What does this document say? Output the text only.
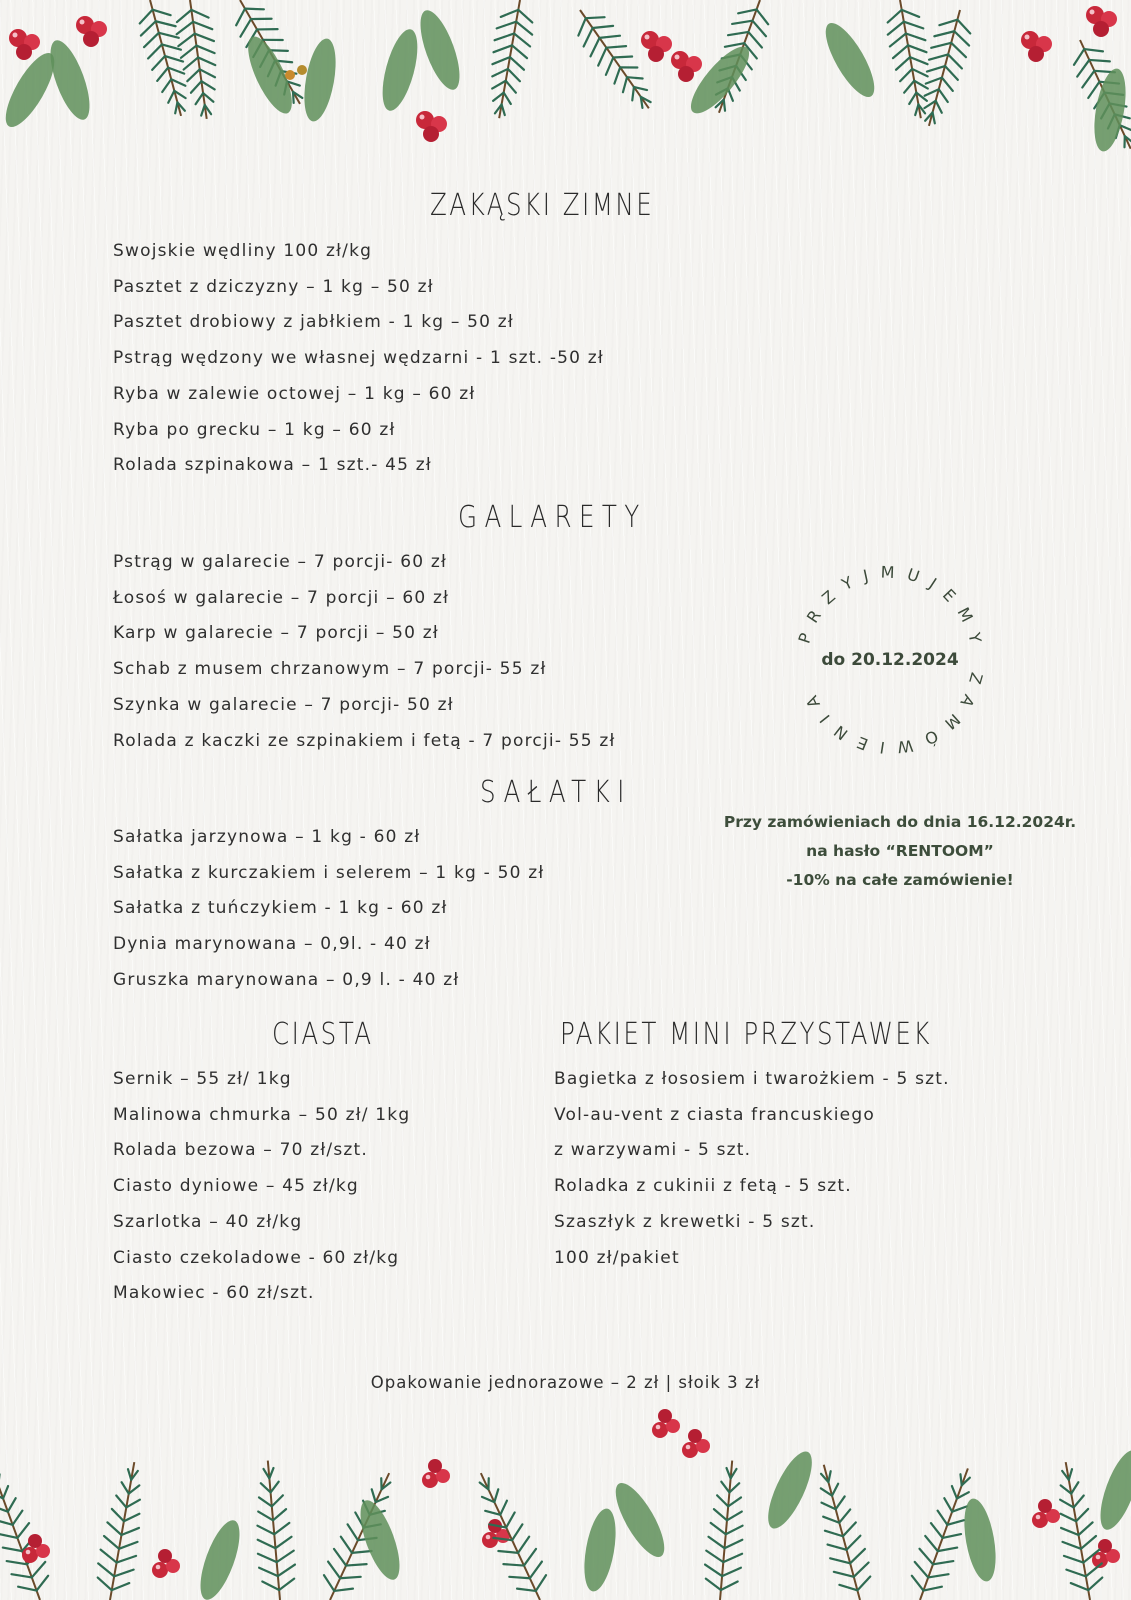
ZAKĄSKI ZIMNE
Swojskie wędliny 100 zł/kg
Pasztet z dziczyzny – 1 kg – 50 zł
Pasztet drobiowy z jabłkiem - 1 kg – 50 zł
Pstrąg wędzony we własnej wędzarni - 1 szt. -50 zł
Ryba w zalewie octowej – 1 kg – 60 zł
Ryba po grecku – 1 kg – 60 zł
Rolada szpinakowa – 1 szt.- 45 zł
GALARETY
Pstrąg w galarecie – 7 porcji- 60 zł
Łosoś w galarecie – 7 porcji – 60 zł
Karp w galarecie – 7 porcji – 50 zł
Schab z musem chrzanowym – 7 porcji- 55 zł
Szynka w galarecie – 7 porcji- 50 zł
Rolada z kaczki ze szpinakiem i fetą - 7 porcji- 55 zł
SAŁATKI
Sałatka jarzynowa – 1 kg - 60 zł
Sałatka z kurczakiem i selerem – 1 kg - 50 zł
Sałatka z tuńczykiem - 1 kg - 60 zł
Dynia marynowana – 0,9l. - 40 zł
Gruszka marynowana – 0,9 l. - 40 zł
CIASTA
Sernik – 55 zł/ 1kg
Malinowa chmurka – 50 zł/ 1kg
Rolada bezowa – 70 zł/szt.
Ciasto dyniowe – 45 zł/kg
Szarlotka – 40 zł/kg
Ciasto czekoladowe - 60 zł/kg
Makowiec - 60 zł/szt.
PAKIET MINI PRZYSTAWEK
Bagietka z łososiem i twarożkiem - 5 szt.
Vol-au-vent z ciasta francuskiego
z warzywami - 5 szt.
Roladka z cukinii z fetą - 5 szt.
Szaszłyk z krewetki - 5 szt.
100 zł/pakiet
PRZYJMUJEMY ZAMÓWIENIA
do 20.12.2024
Przy zamówieniach do dnia 16.12.2024r.
na hasło “RENTOOM”
-10% na całe zamówienie!
Opakowanie jednorazowe – 2 zł | słoik 3 zł
